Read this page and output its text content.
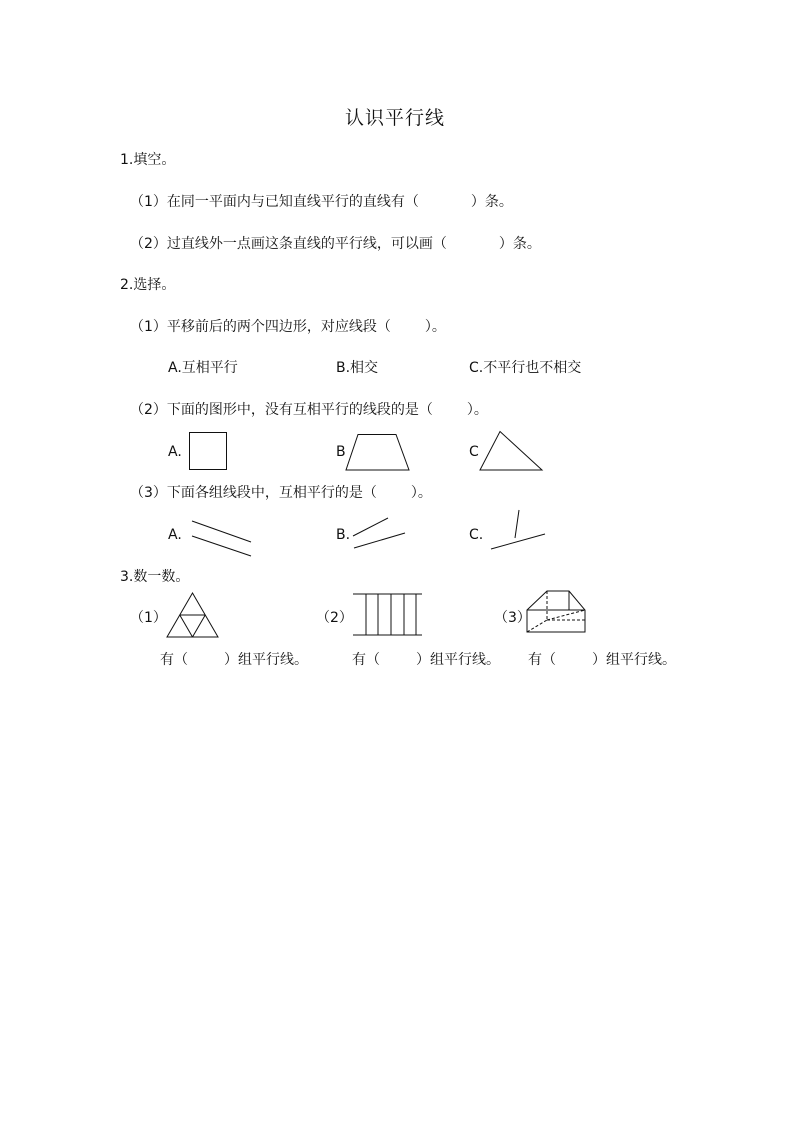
认识平行线
1.填空。
（1）在同一平面内与已知直线平行的直线有（	）条。
（2）过直线外一点画这条直线的平行线，可以画（	）条。
2.选择。
（1）平移前后的两个四边形，对应线段（ ）。
A.互相平行	B.相交	C.不平行也不相交
（2）下面的图形中，没有互相平行的线段的是（ ）。
A.	B	C
（3）下面各组线段中，互相平行的是（ ）。
A.	B.	C.
3.数一数。
（1）	（2）	（3）
有（	）组平行线。	有（	）组平行线。 有（	）组平行线。
